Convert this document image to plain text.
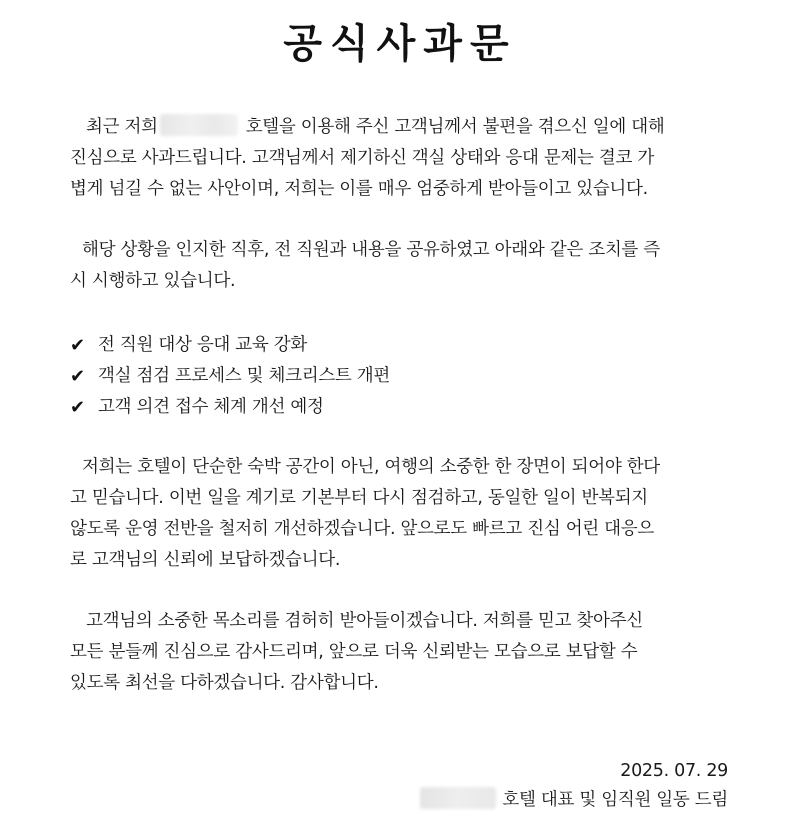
공식사과문
최근 저희	호텔을 이용해 주신 고객님께서 불편을 겪으신 일에 대해
진심으로 사과드립니다. 고객님께서 제기하신 객실 상태와 응대 문제는 결코 가
볍게 넘길 수 없는 사안이며, 저희는 이를 매우 엄중하게 받아들이고 있습니다.
해당 상황을 인지한 직후, 전 직원과 내용을 공유하였고 아래와 같은 조치를 즉
시 시행하고 있습니다.
✔ 전 직원 대상 응대 교육 강화
✔ 객실 점검 프로세스 및 체크리스트 개편
✔ 고객 의견 접수 체계 개선 예정
저희는 호텔이 단순한 숙박 공간이 아닌, 여행의 소중한 한 장면이 되어야 한다
고 믿습니다. 이번 일을 계기로 기본부터 다시 점검하고, 동일한 일이 반복되지
않도록 운영 전반을 철저히 개선하겠습니다. 앞으로도 빠르고 진심 어린 대응으
로 고객님의 신뢰에 보답하겠습니다.
고객님의 소중한 목소리를 겸허히 받아들이겠습니다. 저희를 믿고 찾아주신
모든 분들께 진심으로 감사드리며, 앞으로 더욱 신뢰받는 모습으로 보답할 수
있도록 최선을 다하겠습니다. 감사합니다.
2025. 07. 29
호텔 대표 및 임직원 일동 드림
